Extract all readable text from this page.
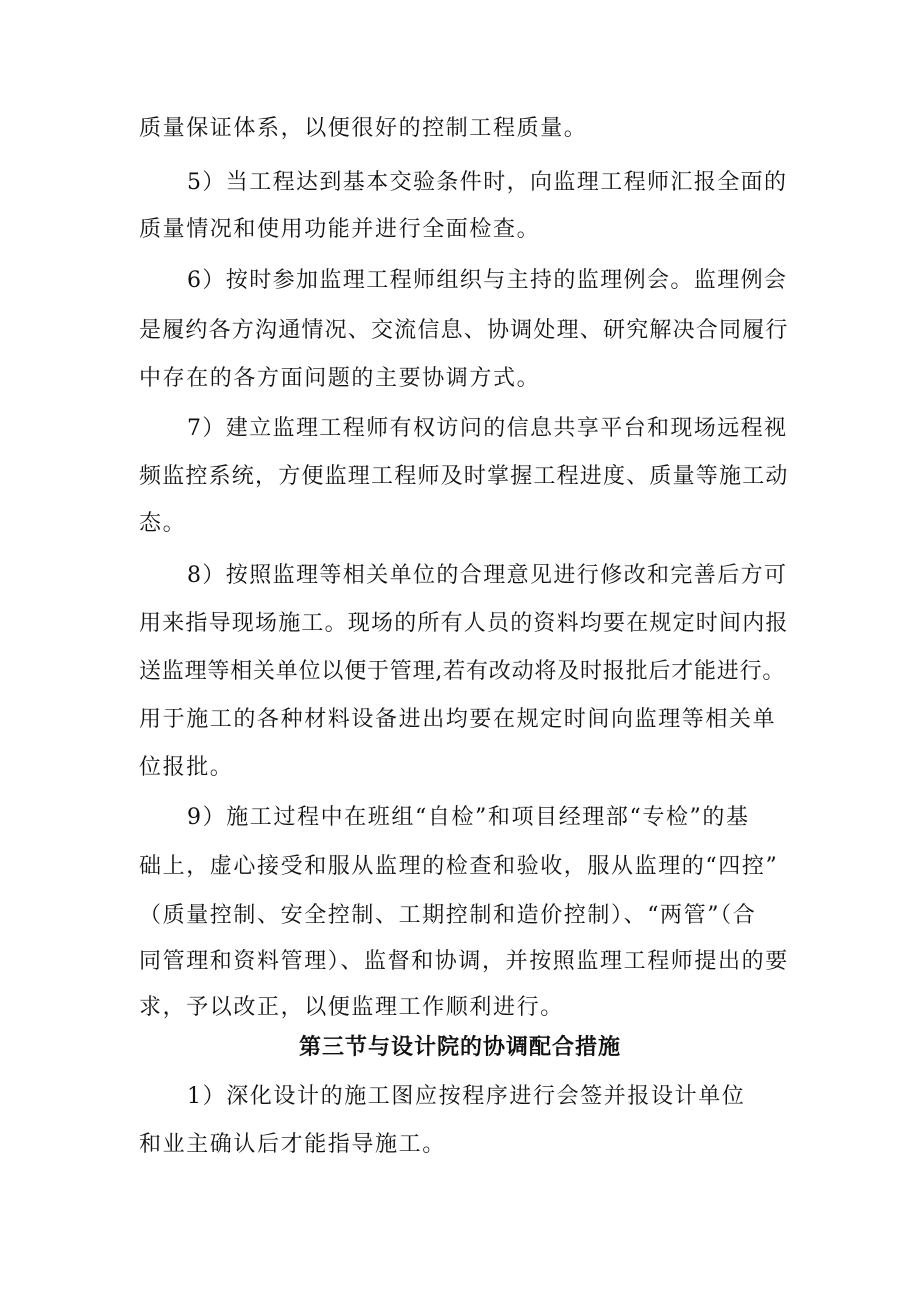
质量保证体系，以便很好的控制工程质量。
5）当工程达到基本交验条件时，向监理工程师汇报全面的
质量情况和使用功能并进行全面检查。
6）按时参加监理工程师组织与主持的监理例会。监理例会
是履约各方沟通情况、交流信息、协调处理、研究解决合同履行
中存在的各方面问题的主要协调方式。
7）建立监理工程师有权访问的信息共享平台和现场远程视
频监控系统，方便监理工程师及时掌握工程进度、质量等施工动
态。
8）按照监理等相关单位的合理意见进行修改和完善后方可
用来指导现场施工。现场的所有人员的资料均要在规定时间内报
送监理等相关单位以便于管理,若有改动将及时报批后才能进行。
用于施工的各种材料设备进出均要在规定时间向监理等相关单
位报批。
9）施工过程中在班组“自检”和项目经理部“专检”的基
础上，虚心接受和服从监理的检查和验收，服从监理的“四控”
（质量控制、安全控制、工期控制和造价控制）、“两管”（合
同管理和资料管理）、监督和协调，并按照监理工程师提出的要
求，予以改正，以便监理工作顺利进行。
第三节与设计院的协调配合措施
1）深化设计的施工图应按程序进行会签并报设计单位
和业主确认后才能指导施工。
